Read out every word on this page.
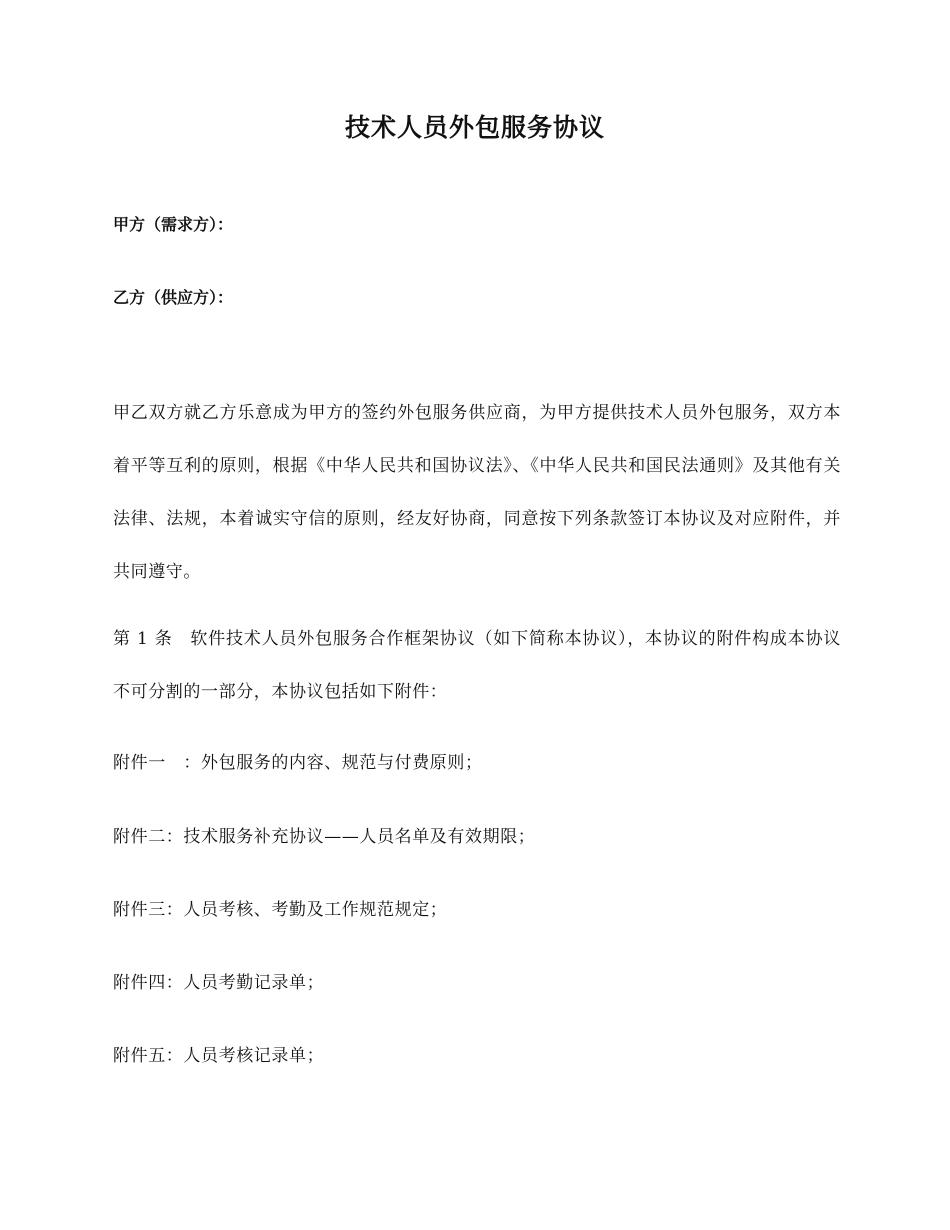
技术人员外包服务协议

甲方（需求方）：

乙方（供应方）：

甲乙双方就乙方乐意成为甲方的签约外包服务供应商，为甲方提供技术人员外包服务，双方本着平等互利的原则，根据《中华人民共和国协议法》、《中华人民共和国民法通则》及其他有关法律、法规，本着诚实守信的原则，经友好协商，同意按下列条款签订本协议及对应附件，并共同遵守。

第 1 条　软件技术人员外包服务合作框架协议（如下简称本协议），本协议的附件构成本协议不可分割的一部分，本协议包括如下附件：

附件一　：外包服务的内容、规范与付费原则；

附件二：技术服务补充协议——人员名单及有效期限；

附件三：人员考核、考勤及工作规范规定；

附件四：人员考勤记录单；

附件五：人员考核记录单；
